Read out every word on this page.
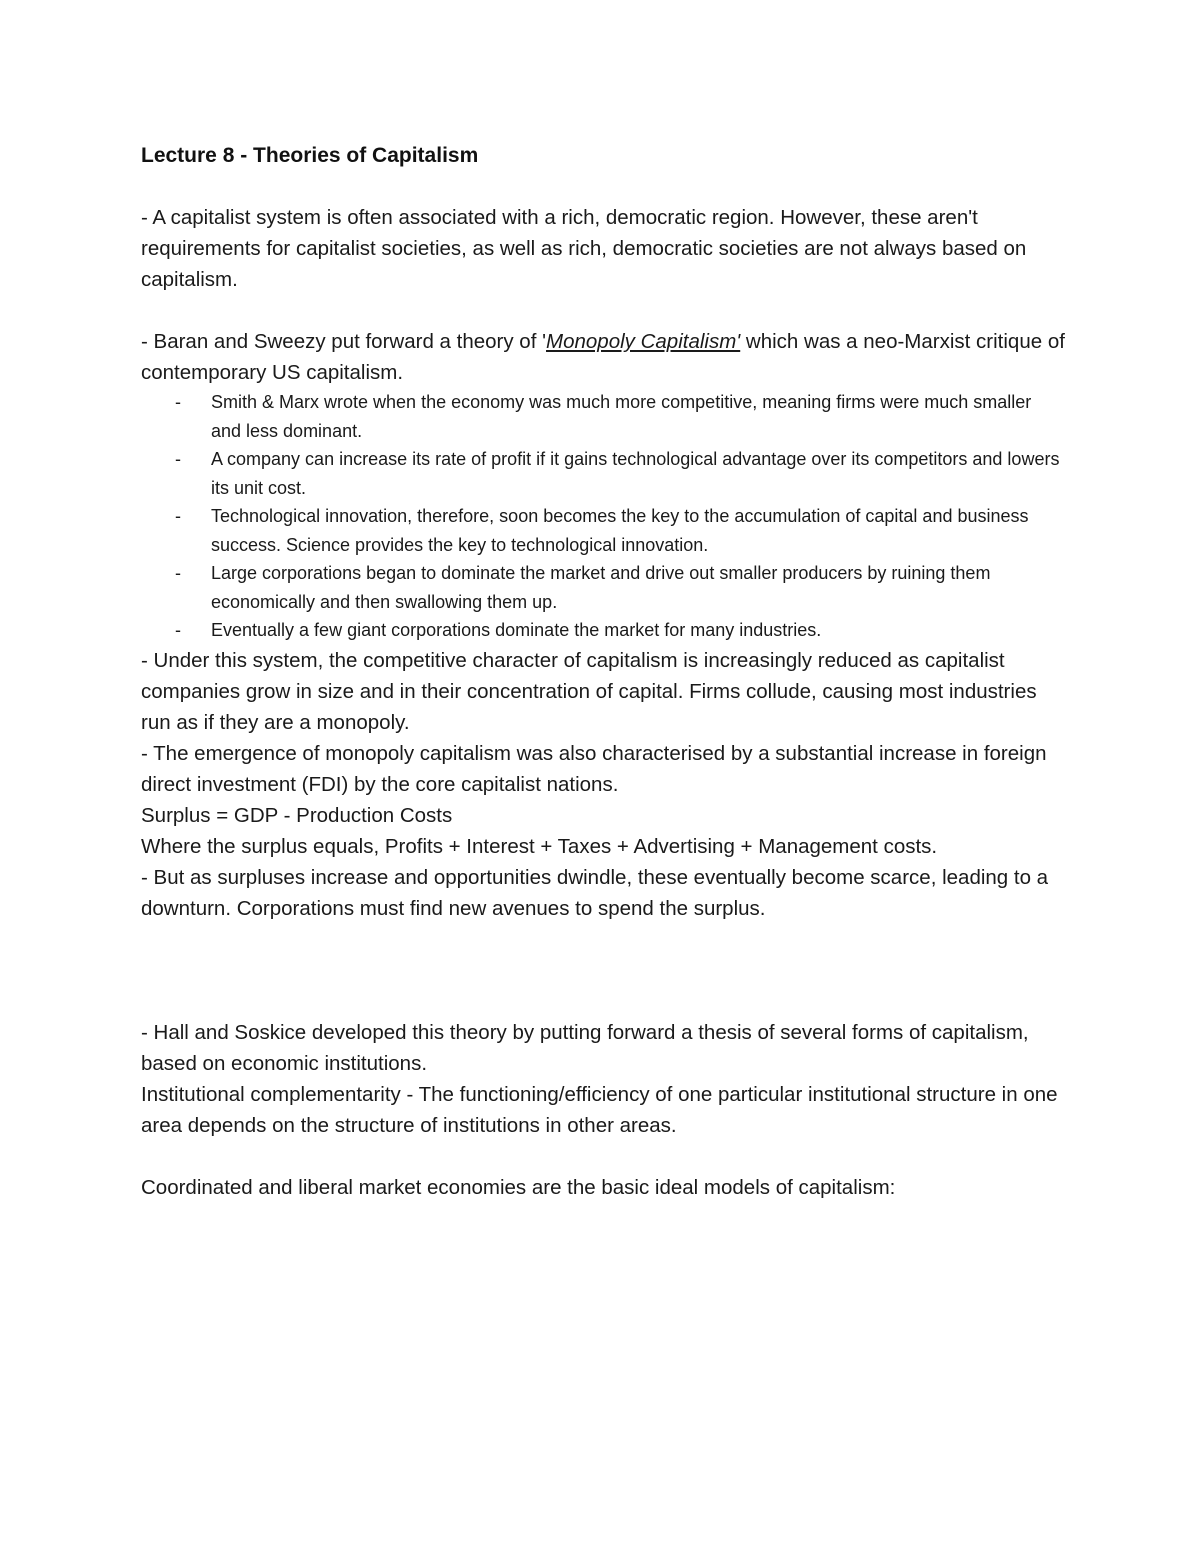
Lecture 8 - Theories of Capitalism

- A capitalist system is often associated with a rich, democratic region. However, these aren't requirements for capitalist societies, as well as rich, democratic societies are not always based on capitalism.

- Baran and Sweezy put forward a theory of 'Monopoly Capitalism' which was a neo-Marxist critique of contemporary US capitalism.

- Smith & Marx wrote when the economy was much more competitive, meaning firms were much smaller and less dominant.
- A company can increase its rate of profit if it gains technological advantage over its competitors and lowers its unit cost.
- Technological innovation, therefore, soon becomes the key to the accumulation of capital and business success. Science provides the key to technological innovation.
- Large corporations began to dominate the market and drive out smaller producers by ruining them economically and then swallowing them up.
- Eventually a few giant corporations dominate the market for many industries.

- Under this system, the competitive character of capitalism is increasingly reduced as capitalist companies grow in size and in their concentration of capital. Firms collude, causing most industries run as if they are a monopoly.

- The emergence of monopoly capitalism was also characterised by a substantial increase in foreign direct investment (FDI) by the core capitalist nations.

Surplus = GDP - Production Costs

Where the surplus equals, Profits + Interest + Taxes + Advertising + Management costs.

- But as surpluses increase and opportunities dwindle, these eventually become scarce, leading to a downturn. Corporations must find new avenues to spend the surplus.

- Hall and Soskice developed this theory by putting forward a thesis of several forms of capitalism, based on economic institutions.

Institutional complementarity - The functioning/efficiency of one particular institutional structure in one area depends on the structure of institutions in other areas.

Coordinated and liberal market economies are the basic ideal models of capitalism:
